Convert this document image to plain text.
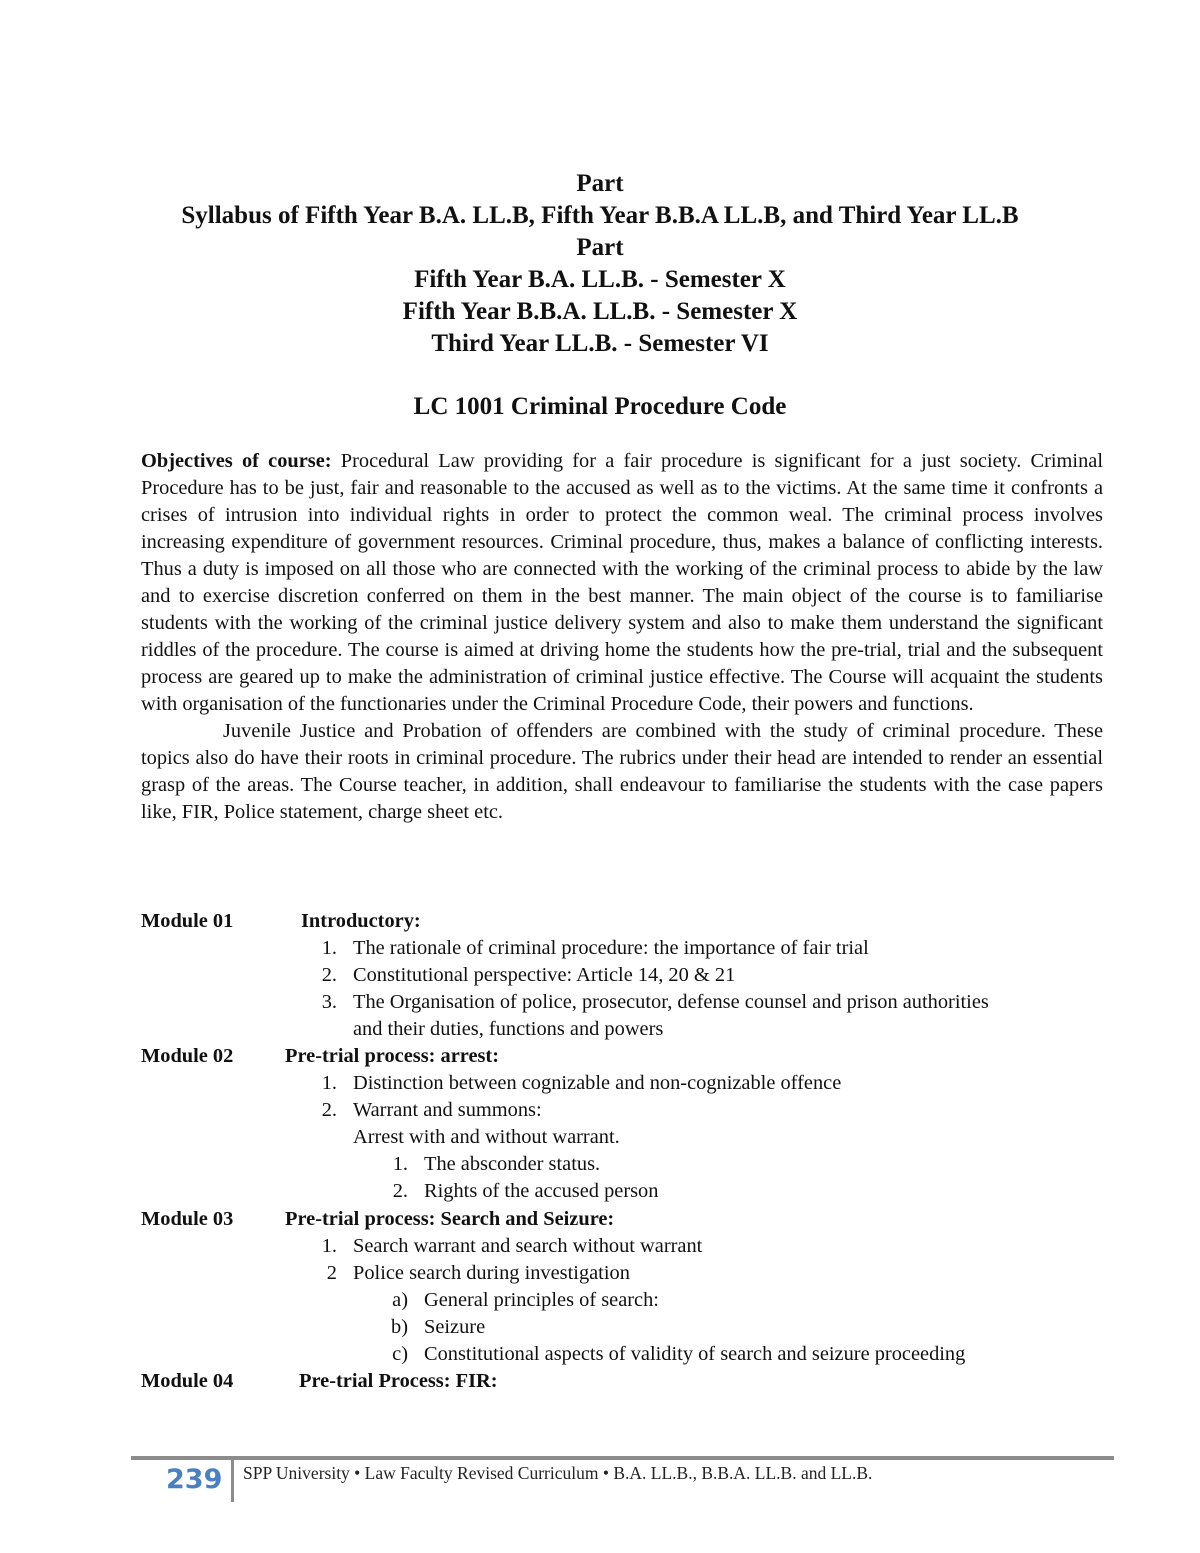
Part
Syllabus of Fifth Year B.A. LL.B, Fifth Year B.B.A LL.B, and Third Year LL.B
Part
Fifth Year B.A. LL.B. - Semester X
Fifth Year B.B.A. LL.B. - Semester X
Third Year LL.B. - Semester VI
LC 1001 Criminal Procedure Code

Objectives of course: Procedural Law providing for a fair procedure is significant for a just society. Criminal Procedure has to be just, fair and reasonable to the accused as well as to the victims. At the same time it confronts a crises of intrusion into individual rights in order to protect the common weal. The criminal process involves increasing expenditure of government resources. Criminal procedure, thus, makes a balance of conflicting interests. Thus a duty is imposed on all those who are connected with the working of the criminal process to abide by the law and to exercise discretion conferred on them in the best manner. The main object of the course is to familiarise students with the working of the criminal justice delivery system and also to make them understand the significant riddles of the procedure. The course is aimed at driving home the students how the pre-trial, trial and the subsequent process are geared up to make the administration of criminal justice effective. The Course will acquaint the students with organisation of the functionaries under the Criminal Procedure Code, their powers and functions.

Juvenile Justice and Probation of offenders are combined with the study of criminal procedure. These topics also do have their roots in criminal procedure. The rubrics under their head are intended to render an essential grasp of the areas. The Course teacher, in addition, shall endeavour to familiarise the students with the case papers like, FIR, Police statement, charge sheet etc.

Module 01	Introductory:
1. The rationale of criminal procedure: the importance of fair trial
2. Constitutional perspective: Article 14, 20 & 21
3. The Organisation of police, prosecutor, defense counsel and prison authorities
and their duties, functions and powers
Module 02	Pre-trial process: arrest:
1. Distinction between cognizable and non-cognizable offence
2. Warrant and summons:
Arrest with and without warrant.
1. The absconder status.
2. Rights of the accused person
Module 03	Pre-trial process: Search and Seizure:
1. Search warrant and search without warrant
2 Police search during investigation
a) General principles of search:
b) Seizure
c) Constitutional aspects of validity of search and seizure proceeding
Module 04	Pre-trial Process: FIR:
239 SPP University • Law Faculty Revised Curriculum • B.A. LL.B., B.B.A. LL.B. and LL.B.
